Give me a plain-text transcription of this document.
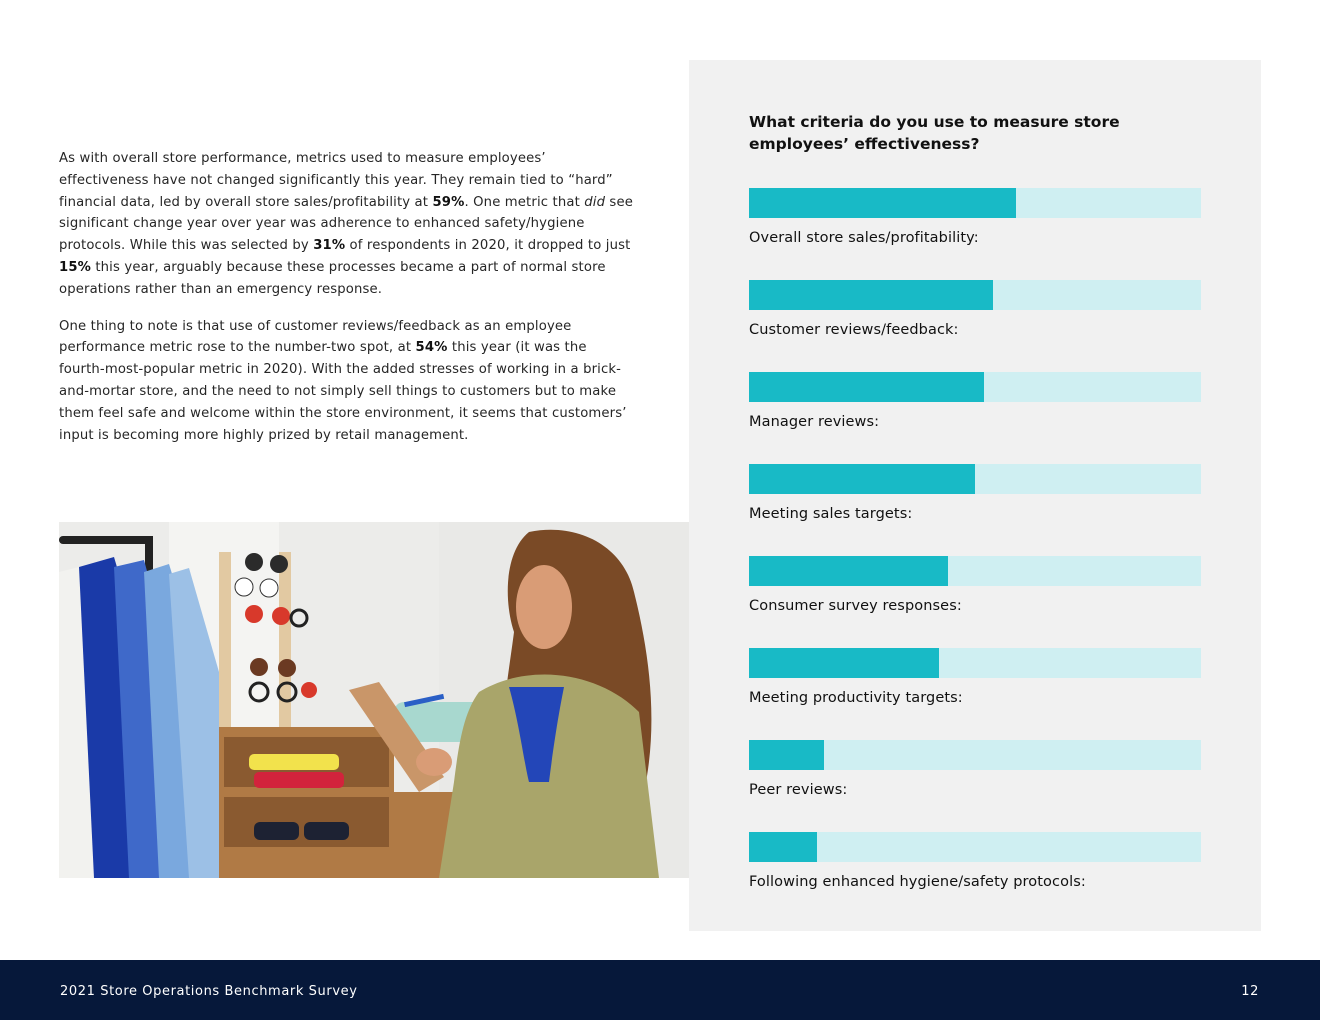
As with overall store performance, metrics used to measure employees’ effectiveness have not changed significantly this year. They remain tied to “hard” financial data, led by overall store sales/profitability at 59%. One metric that did see significant change year over year was adherence to enhanced safety/hygiene protocols. While this was selected by 31% of respondents in 2020, it dropped to just 15% this year, arguably because these processes became a part of normal store operations rather than an emergency response.

One thing to note is that use of customer reviews/feedback as an employee performance metric rose to the number-two spot, at 54% this year (it was the fourth-most-popular metric in 2020). With the added stresses of working in a brick-and-mortar store, and the need to not simply sell things to customers but to make them feel safe and welcome within the store environment, it seems that customers’ input is becoming more highly prized by retail management.

What criteria do you use to measure store employees’ effectiveness?
Overall store sales/profitability:
Customer reviews/feedback:
Manager reviews:
Meeting sales targets:
Consumer survey responses:
Meeting productivity targets:
Peer reviews:
Following enhanced hygiene/safety protocols:
2021 Store Operations Benchmark Survey	12
